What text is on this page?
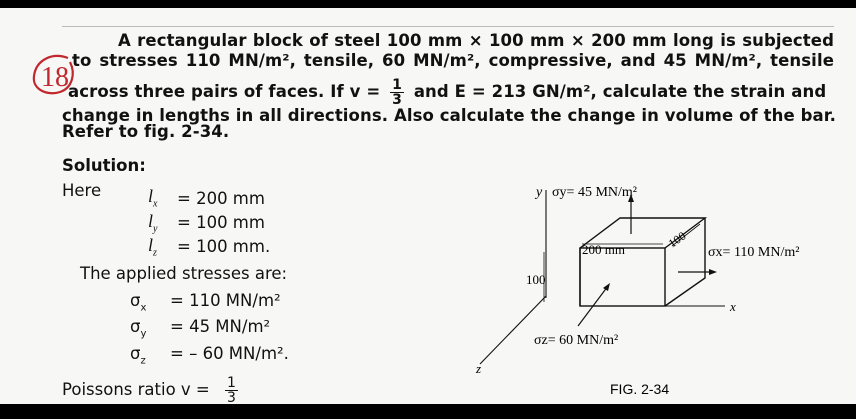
A rectangular block of steel 100 mm × 100 mm × 200 mm long is subjected
to stresses 110 MN/m², tensile, 60 MN/m², compressive, and 45 MN/m², tensile
across three pairs of faces. If $v = \frac{1}{3}$ and E = 213 GN/m², calculate the strain and
change in lengths in all directions. Also calculate the change in volume of the bar.
Refer to fig. 2-34.
18
Solution:
Here	$l_x = 200$ mm
$l_y = 100$ mm
$l_z = 100$ mm.
The applied stresses are:
$\sigma_x = 110$ MN/m²
$\sigma_y = 45$ MN/m²
$\sigma_z$ = – 60 MN/m².
Poissons ratio $v = \frac{1}{3}$
y σy= 45 MN/m²
200 mm	100
100
σx= 110 MN/m²
x
σz= 60 MN/m²
z
FIG. 2-34
